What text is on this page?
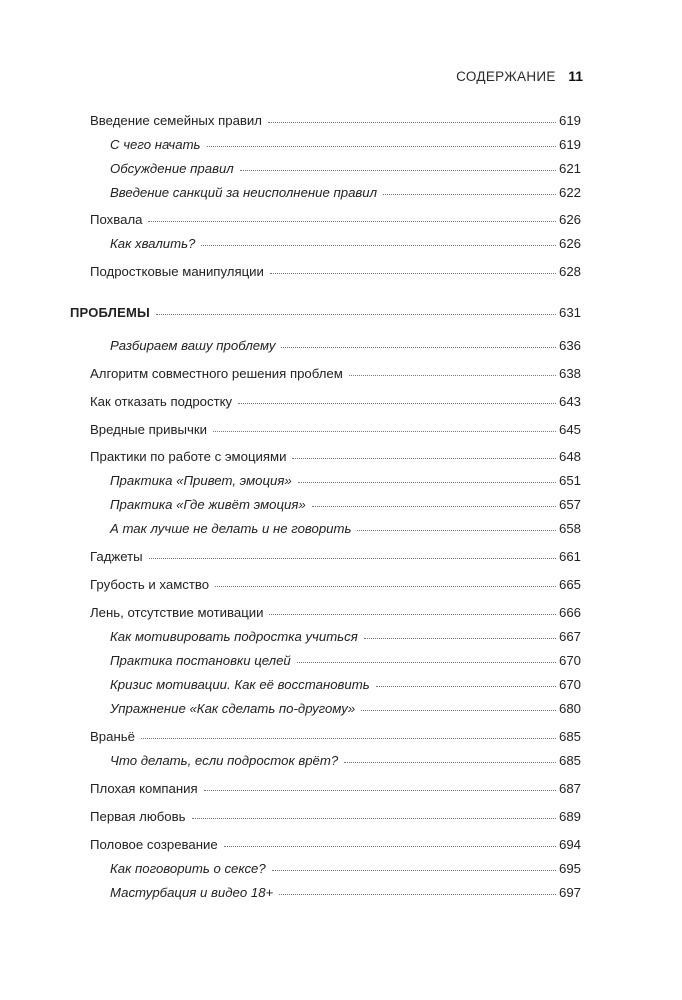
СОДЕРЖАНИЕ 11
Введение семейных правил	619
С чего начать	619
Обсуждение правил	621
Введение санкций за неисполнение правил	622
Похвала	626
Как хвалить?	626
Подростковые манипуляции	628
ПРОБЛЕМЫ	631
Разбираем вашу проблему	636
Алгоритм совместного решения проблем	638
Как отказать подростку	643
Вредные привычки	645
Практики по работе с эмоциями	648
Практика «Привет, эмоция»	651
Практика «Где живёт эмоция»	657
А так лучше не делать и не говорить	658
Гаджеты	661
Грубость и хамство	665
Лень, отсутствие мотивации	666
Как мотивировать подростка учиться	667
Практика постановки целей	670
Кризис мотивации. Как её восстановить	670
Упражнение «Как сделать по-другому»	680
Враньё	685
Что делать, если подросток врёт?	685
Плохая компания	687
Первая любовь	689
Половое созревание	694
Как поговорить о сексе?	695
Мастурбация и видео 18+	697
